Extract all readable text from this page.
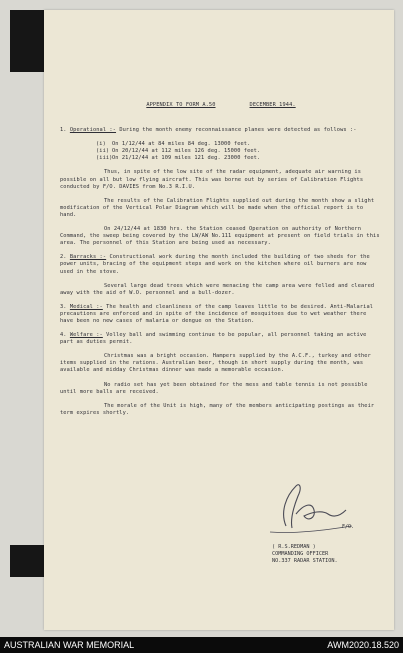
APPENDIX TO FORM A.50	DECEMBER 1944.

1. Operational :- During the month enemy reconnaissance planes were detected as follows :-

(i) On 1/12/44 at 84 miles 84 deg. 13000 feet.
(ii) On 20/12/44 at 112 miles 126 deg. 15000 feet.
(iii)On 21/12/44 at 109 miles 121 deg. 23000 feet.

Thus, in spite of the low site of the radar equipment, adequate air warning is possible on all but low flying aircraft. This was borne out by series of Calibration Flights conducted by F/O. DAVIES from No.3 R.I.U.

The results of the Calibration Flights supplied out during the month show a slight modification of the Vertical Polar Diagram which will be made when the official report is to hand.

On 24/12/44 at 1830 hrs. the Station ceased Operation on authority of Northern Command, the sweep being covered by the LW/AW No.111 equipment at present on field trials in this area. The personnel of this Station are being used as necessary.

2. Barracks :- Constructional work during the month included the building of two sheds for the power units, bracing of the equipment steps and work on the kitchen where oil burners are now used in the stove.

Several large dead trees which were menacing the camp area were felled and cleared away with the aid of W.O. personnel and a bull-dozer.

3. Medical :- The health and cleanliness of the camp leaves little to be desired. Anti-Malarial precautions are enforced and in spite of the incidence of mosquitoes due to wet weather there have been no new cases of malaria or dengue on the Station.

4. Welfare :- Volley ball and swimming continue to be popular, all personnel taking an active part as duties permit.

Christmas was a bright occasion. Hampers supplied by the A.C.F., turkey and other items supplied in the rations. Australian beer, though in short supply during the month, was available and midday Christmas dinner was made a memorable occasion.

No radio set has yet been obtained for the mess and table tennis is not possible until more balls are received.

The morale of the Unit is high, many of the members anticipating postings as their term expires shortly.

F/O.
( R.S.REDMAN )
COMMANDING OFFICER
NO.337 RADAR STATION.
AUSTRALIAN WAR MEMORIAL	AWM2020.18.520
